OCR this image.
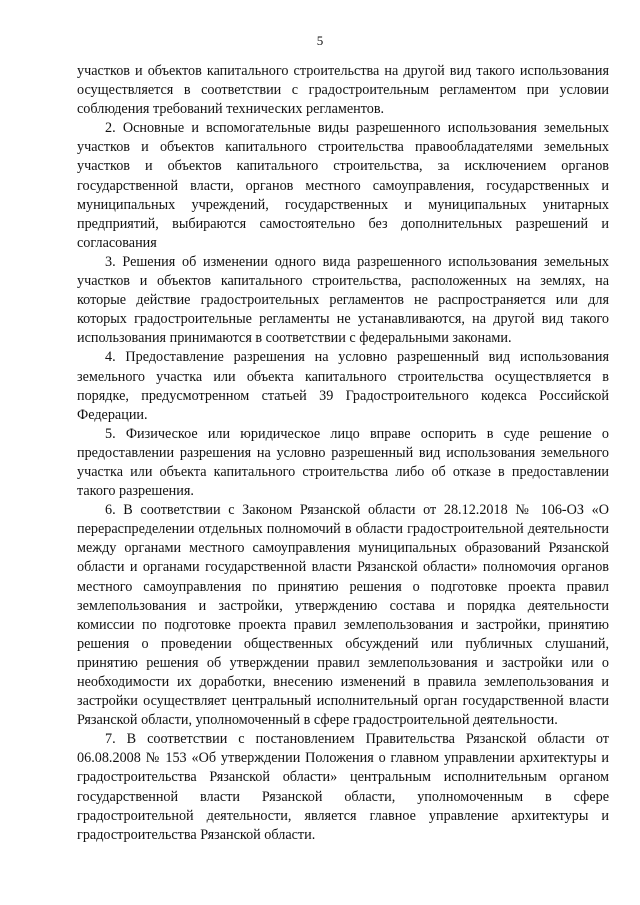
5

участков и объектов капитального строительства на другой вид такого использования осуществляется в соответствии с градостроительным регламентом при условии соблюдения требований технических регламентов.

2. Основные и вспомогательные виды разрешенного использования земельных участков и объектов капитального строительства правообладателями земельных участков и объектов капитального строительства, за исключением органов государственной власти, органов местного самоуправления, государственных и муниципальных учреждений, государственных и муниципальных унитарных предприятий, выбираются самостоятельно без дополнительных разрешений и согласования

3. Решения об изменении одного вида разрешенного использования земельных участков и объектов капитального строительства, расположенных на землях, на которые действие градостроительных регламентов не распространяется или для которых градостроительные регламенты не устанавливаются, на другой вид такого использования принимаются в соответствии с федеральными законами.

4. Предоставление разрешения на условно разрешенный вид использования земельного участка или объекта капитального строительства осуществляется в порядке, предусмотренном статьей 39 Градостроительного кодекса Российской Федерации.

5. Физическое или юридическое лицо вправе оспорить в суде решение о предоставлении разрешения на условно разрешенный вид использования земельного участка или объекта капитального строительства либо об отказе в предоставлении такого разрешения.

6. В соответствии с Законом Рязанской области от 28.12.2018 № 106-ОЗ «О перераспределении отдельных полномочий в области градостроительной деятельности между органами местного самоуправления муниципальных образований Рязанской области и органами государственной власти Рязанской области» полномочия органов местного самоуправления по принятию решения о подготовке проекта правил землепользования и застройки, утверждению состава и порядка деятельности комиссии по подготовке проекта правил землепользования и застройки, принятию решения о проведении общественных обсуждений или публичных слушаний, принятию решения об утверждении правил землепользования и застройки или о необходимости их доработки, внесению изменений в правила землепользования и застройки осуществляет центральный исполнительный орган государственной власти Рязанской области, уполномоченный в сфере градостроительной деятельности.

7. В соответствии с постановлением Правительства Рязанской области от 06.08.2008 № 153 «Об утверждении Положения о главном управлении архитектуры и градостроительства Рязанской области» центральным исполнительным органом государственной власти Рязанской области, уполномоченным в сфере градостроительной деятельности, является главное управление архитектуры и градостроительства Рязанской области.
